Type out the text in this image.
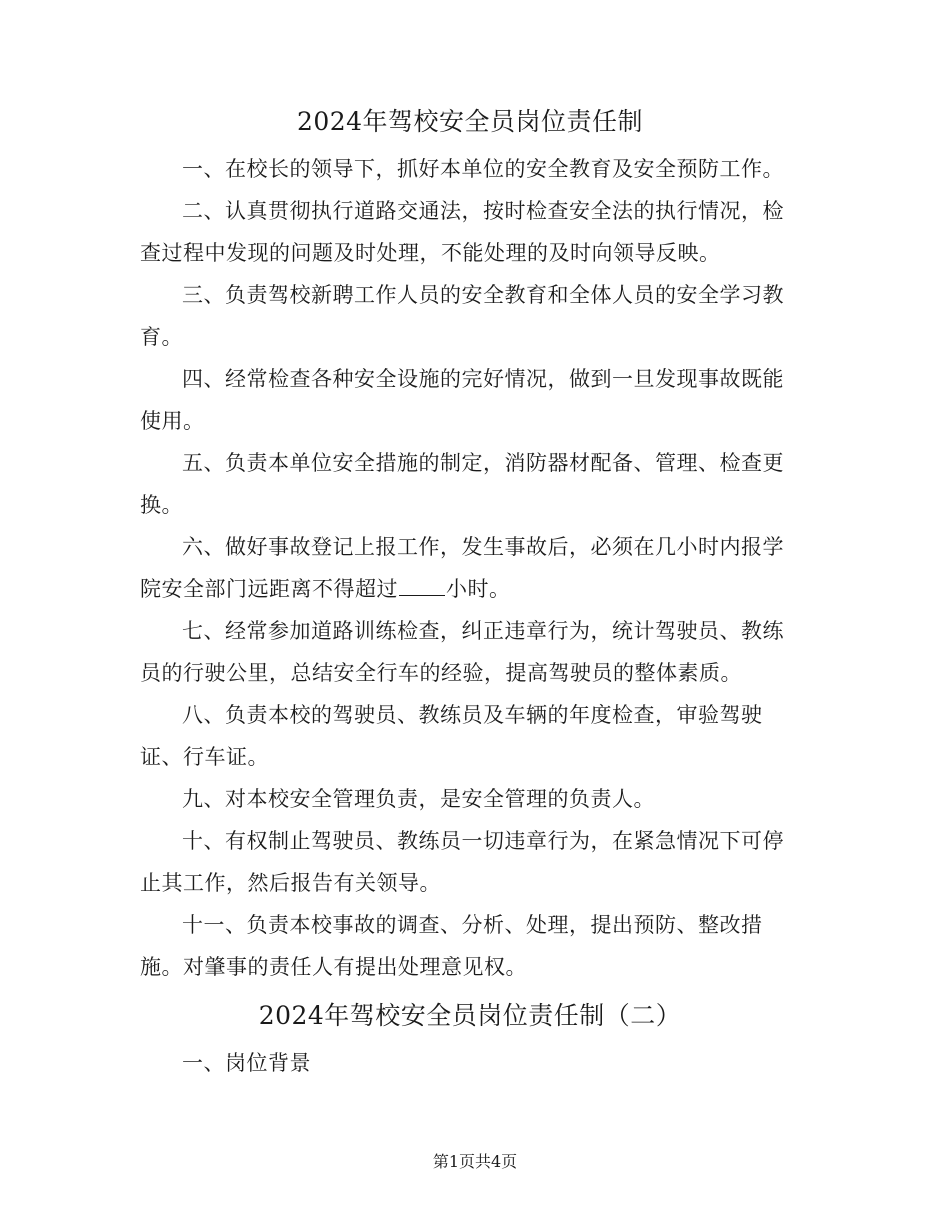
2024年驾校安全员岗位责任制

一、在校长的领导下，抓好本单位的安全教育及安全预防工作。

二、认真贯彻执行道路交通法，按时检查安全法的执行情况，检查过程中发现的问题及时处理，不能处理的及时向领导反映。

三、负责驾校新聘工作人员的安全教育和全体人员的安全学习教育。

四、经常检查各种安全设施的完好情况，做到一旦发现事故既能使用。

五、负责本单位安全措施的制定，消防器材配备、管理、检查更换。

六、做好事故登记上报工作，发生事故后，必须在几小时内报学院安全部门远距离不得超过 小时。

七、经常参加道路训练检查，纠正违章行为，统计驾驶员、教练员的行驶公里，总结安全行车的经验，提高驾驶员的整体素质。

八、负责本校的驾驶员、教练员及车辆的年度检查，审验驾驶证、行车证。

九、对本校安全管理负责，是安全管理的负责人。

十、有权制止驾驶员、教练员一切违章行为，在紧急情况下可停止其工作，然后报告有关领导。

十一、负责本校事故的调查、分析、处理，提出预防、整改措施。对肇事的责任人有提出处理意见权。

2024年驾校安全员岗位责任制（二）

一、岗位背景

第1页共4页
